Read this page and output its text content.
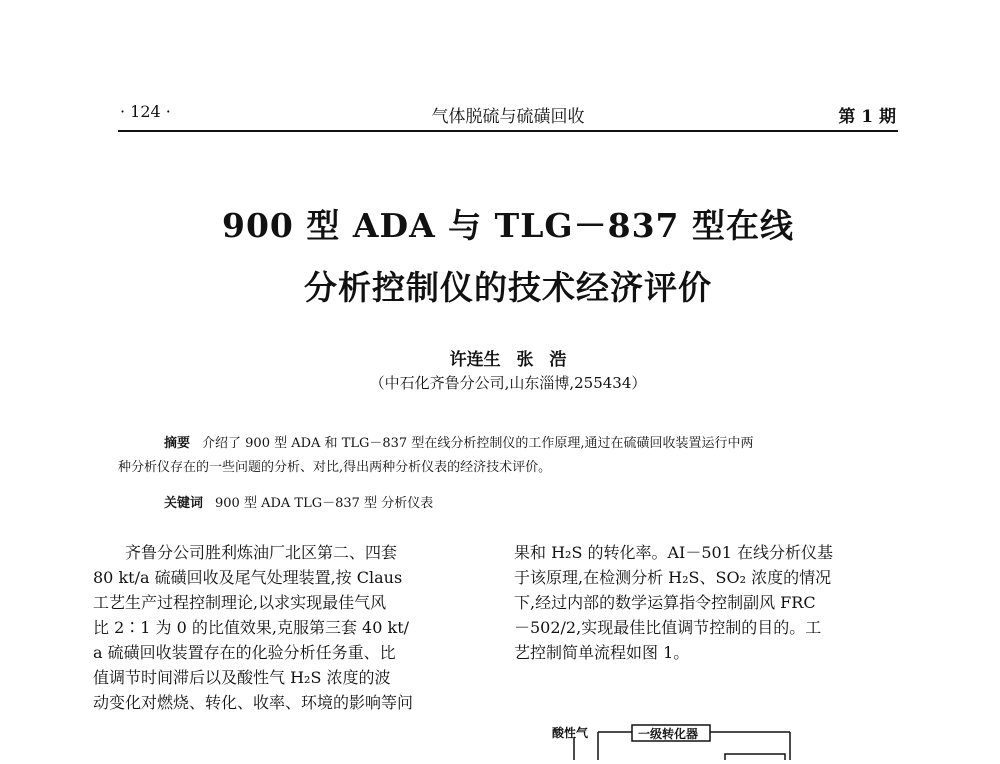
· 124 ·	气体脱硫与硫磺回收	第 1 期
900 型 ADA 与 TLG－837 型在线
分析控制仪的技术经济评价
许连生 张 浩
（中石化齐鲁分公司,山东淄博,255434）
摘要 介绍了 900 型 ADA 和 TLG－837 型在线分析控制仪的工作原理,通过在硫磺回收装置运行中两
种分析仪存在的一些问题的分析、对比,得出两种分析仪表的经济技术评价。
关键词 900 型 ADA TLG－837 型 分析仪表

齐鲁分公司胜利炼油厂北区第二、四套

80 kt/a 硫磺回收及尾气处理装置,按 Claus

工艺生产过程控制理论,以求实现最佳气风

比 2∶1 为 0 的比值效果,克服第三套 40 kt/

a 硫磺回收装置存在的化验分析任务重、比

值调节时间滞后以及酸性气 H₂S 浓度的波

动变化对燃烧、转化、收率、环境的影响等问

果和 H₂S 的转化率。AI－501 在线分析仪基

于该原理,在检测分析 H₂S、SO₂ 浓度的情况

下,经过内部的数学运算指令控制副风 FRC

－502/2,实现最佳比值调节控制的目的。工

艺控制简单流程如图 1。

酸性气	一级转化器
